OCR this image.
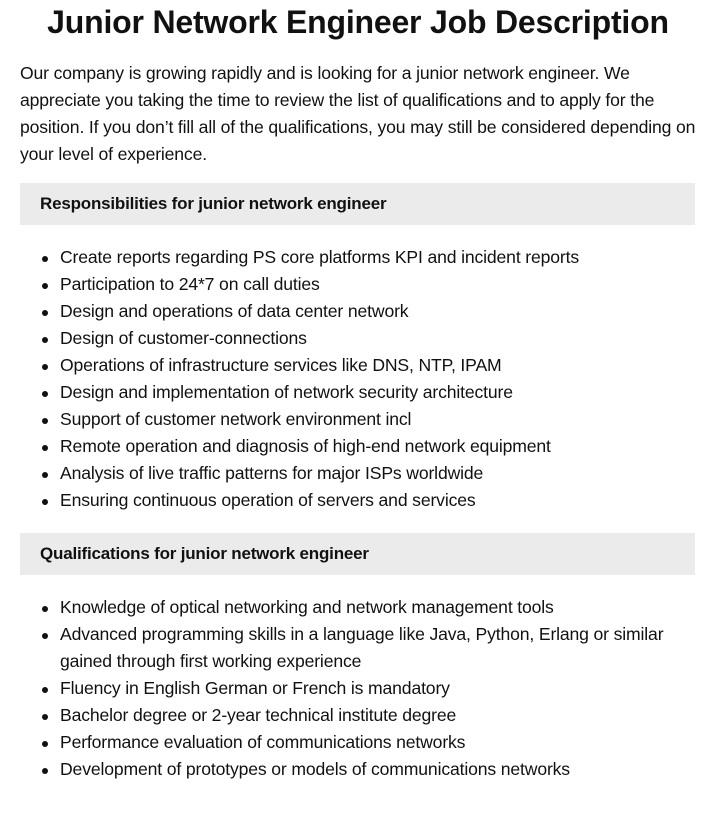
Junior Network Engineer Job Description

Our company is growing rapidly and is looking for a junior network engineer. We appreciate you taking the time to review the list of qualifications and to apply for the position. If you don’t fill all of the qualifications, you may still be considered depending on your level of experience.

Responsibilities for junior network engineer
Create reports regarding PS core platforms KPI and incident reports
Participation to 24*7 on call duties
Design and operations of data center network
Design of customer-connections
Operations of infrastructure services like DNS, NTP, IPAM
Design and implementation of network security architecture
Support of customer network environment incl
Remote operation and diagnosis of high-end network equipment
Analysis of live traffic patterns for major ISPs worldwide
Ensuring continuous operation of servers and services
Qualifications for junior network engineer
Knowledge of optical networking and network management tools
Advanced programming skills in a language like Java, Python, Erlang or similar gained through first working experience
Fluency in English German or French is mandatory
Bachelor degree or 2-year technical institute degree
Performance evaluation of communications networks
Development of prototypes or models of communications networks
